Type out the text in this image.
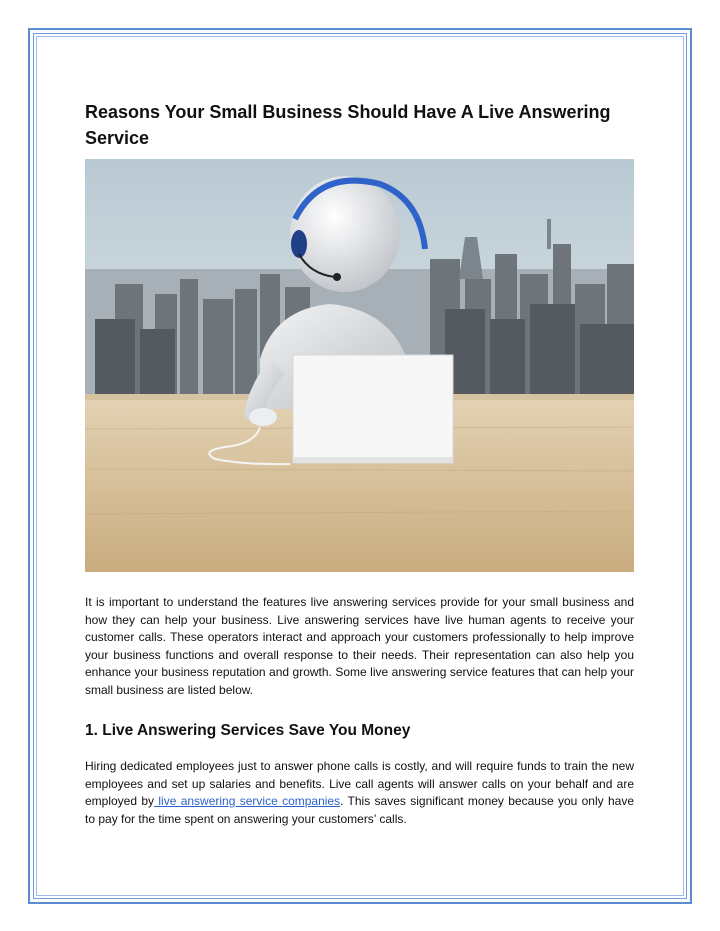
Reasons Your Small Business Should Have A Live Answering Service

It is important to understand the features live answering services provide for your small business and how they can help your business. Live answering services have live human agents to receive your customer calls. These operators interact and approach your customers professionally to help improve your business functions and overall response to their needs. Their representation can also help you enhance your business reputation and growth. Some live answering service features that can help your small business are listed below.

1. Live Answering Services Save You Money

Hiring dedicated employees just to answer phone calls is costly, and will require funds to train the new employees and set up salaries and benefits. Live call agents will answer calls on your behalf and are employed by live answering service companies. This saves significant money because you only have to pay for the time spent on answering your customers’ calls.
